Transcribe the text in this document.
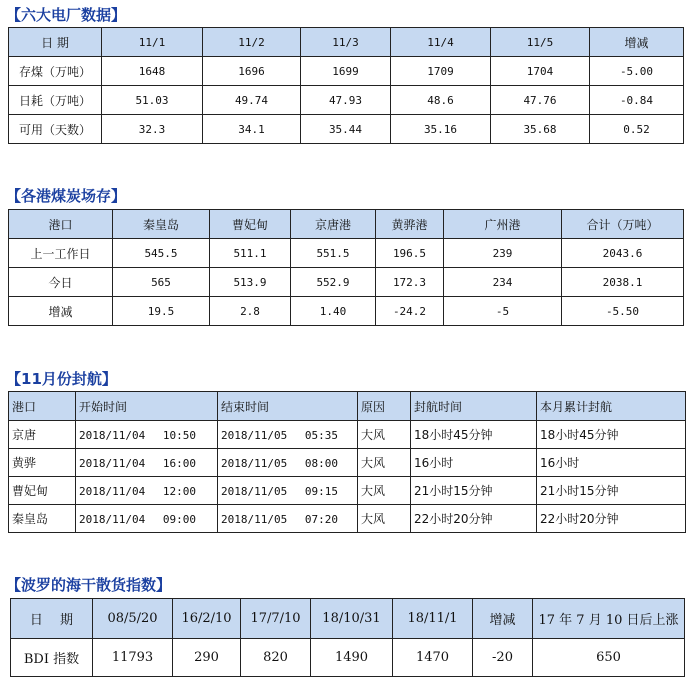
【六大电厂数据】
日 期	11/1	11/2	11/3	11/4	11/5	增减
存煤（万吨）	1648	1696	1699	1709	1704	-5.00
日耗（万吨）	51.03	49.74	47.93	48.6	47.76	-0.84
可用（天数）	32.3	34.1	35.44	35.16	35.68	0.52
【各港煤炭场存】
港口	秦皇岛	曹妃甸	京唐港	黄骅港	广州港	合计（万吨）
上一工作日	545.5	511.1	551.5	196.5	239	2043.6
今日	565	513.9	552.9	172.3	234	2038.1
增减	19.5	2.8	1.40	-24.2	-5	-5.50
【11月份封航】
港口	开始时间	结束时间	原因	封航时间	本月累计封航
京唐	2018/11/04　 10:50	2018/11/05　 05:35	大风	18小时45分钟	18小时45分钟
黄骅	2018/11/04　 16:00	2018/11/05　 08:00	大风	16小时	16小时
曹妃甸	2018/11/04　 12:00	2018/11/05　 09:15	大风	21小时15分钟	21小时15分钟
秦皇岛	2018/11/04　 09:00	2018/11/05　 07:20	大风	22小时20分钟	22小时20分钟
【波罗的海干散货指数】
日　 期	08/5/20	16/2/10	17/7/10	18/10/31	18/11/1	增减	17 年 7 月 10 日后上涨
BDI 指数	11793	290	820	1490	1470	-20	650
